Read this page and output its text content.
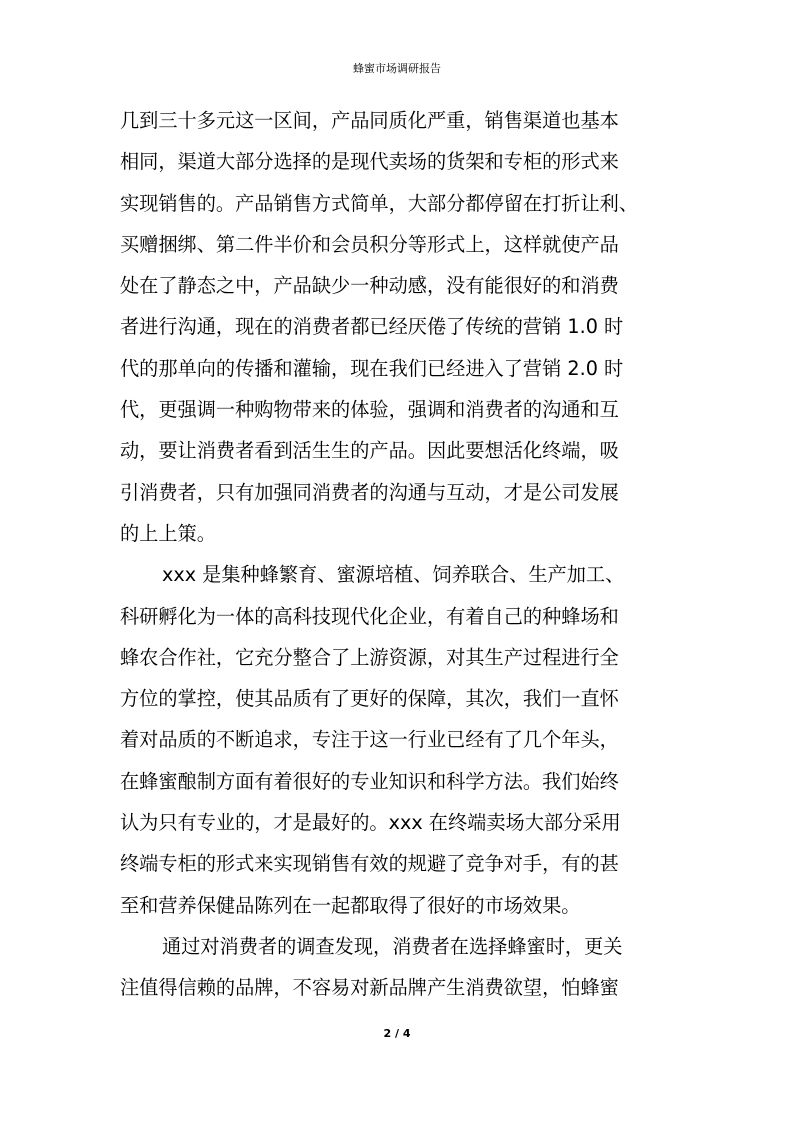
蜂蜜市场调研报告
几到三十多元这一区间，产品同质化严重，销售渠道也基本
相同，渠道大部分选择的是现代卖场的货架和专柜的形式来
实现销售的。产品销售方式简单，大部分都停留在打折让利、
买赠捆绑、第二件半价和会员积分等形式上，这样就使产品
处在了静态之中，产品缺少一种动感，没有能很好的和消费
者进行沟通，现在的消费者都已经厌倦了传统的营销 1.0 时
代的那单向的传播和灌输，现在我们已经进入了营销 2.0 时
代，更强调一种购物带来的体验，强调和消费者的沟通和互
动，要让消费者看到活生生的产品。因此要想活化终端，吸
引消费者，只有加强同消费者的沟通与互动，才是公司发展
的上上策。
xxx 是集种蜂繁育、蜜源培植、饲养联合、生产加工、
科研孵化为一体的高科技现代化企业，有着自己的种蜂场和
蜂农合作社，它充分整合了上游资源，对其生产过程进行全
方位的掌控，使其品质有了更好的保障，其次，我们一直怀
着对品质的不断追求，专注于这一行业已经有了几个年头，
在蜂蜜酿制方面有着很好的专业知识和科学方法。我们始终
认为只有专业的，才是最好的。xxx 在终端卖场大部分采用
终端专柜的形式来实现销售有效的规避了竞争对手，有的甚
至和营养保健品陈列在一起都取得了很好的市场效果。
通过对消费者的调查发现，消费者在选择蜂蜜时，更关
注值得信赖的品牌，不容易对新品牌产生消费欲望，怕蜂蜜
2 / 4
